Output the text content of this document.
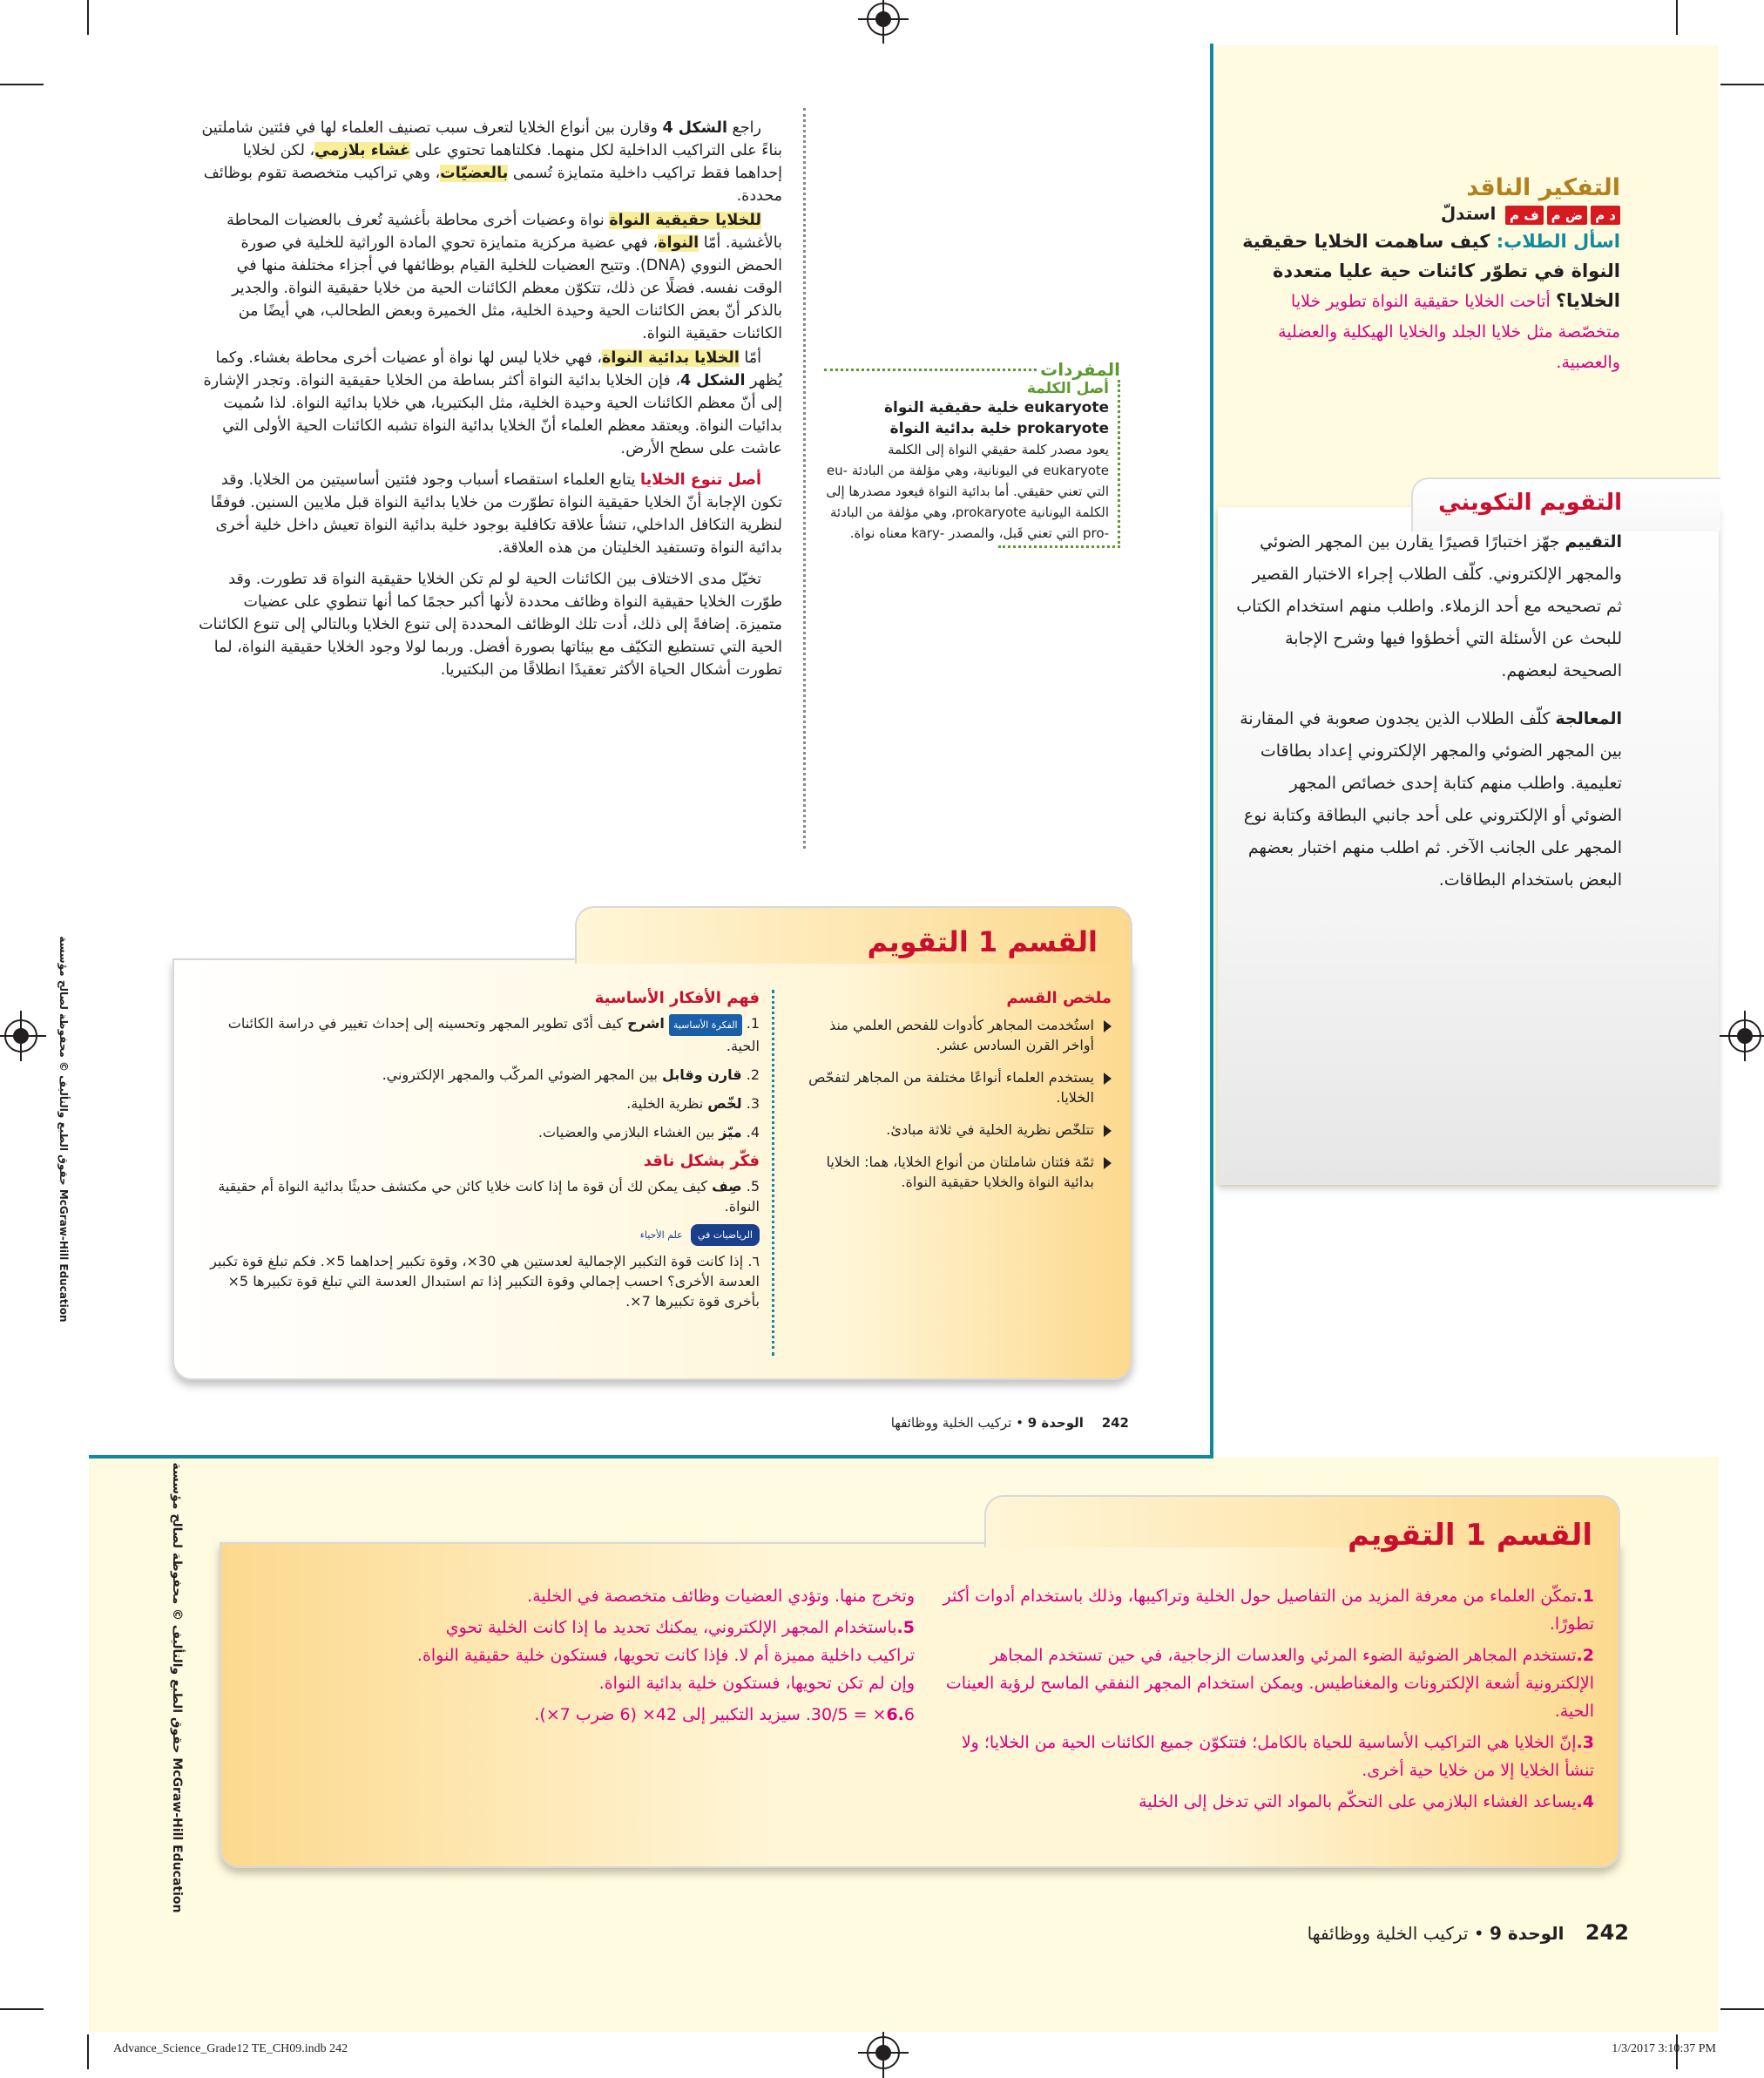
راجع الشكل 4 وقارن بين أنواع الخلايا لتعرف سبب تصنيف العلماء لها في فئتين شاملتين بناءً على التراكيب الداخلية لكل منهما. فكلتاهما تحتوي على غشاء بلازمي، لكن لخلايا إحداهما فقط تراكيب داخلية متمايزة تُسمى بالعضيّات، وهي تراكيب متخصصة تقوم بوظائف محددة.

للخلايا حقيقية النواة نواة وعضيات أخرى محاطة بأغشية تُعرف بالعضيات المحاطة بالأغشية. أمّا النواة، فهي عضية مركزية متمايزة تحوي المادة الوراثية للخلية في صورة الحمض النووي (DNA). وتتيح العضيات للخلية القيام بوظائفها في أجزاء مختلفة منها في الوقت نفسه. فضلًا عن ذلك، تتكوّن معظم الكائنات الحية من خلايا حقيقية النواة. والجدير بالذكر أنّ بعض الكائنات الحية وحيدة الخلية، مثل الخميرة وبعض الطحالب، هي أيضًا من الكائنات حقيقية النواة.

أمّا الخلايا بدائية النواة، فهي خلايا ليس لها نواة أو عضيات أخرى محاطة بغشاء. وكما يُظهر الشكل 4، فإن الخلايا بدائية النواة أكثر بساطة من الخلايا حقيقية النواة. وتجدر الإشارة إلى أنّ معظم الكائنات الحية وحيدة الخلية، مثل البكتيريا، هي خلايا بدائية النواة. لذا سُميت بدائيات النواة. ويعتقد معظم العلماء أنّ الخلايا بدائية النواة تشبه الكائنات الحية الأولى التي عاشت على سطح الأرض.

أصل تنوع الخلايا يتابع العلماء استقصاء أسباب وجود فئتين أساسيتين من الخلايا. وقد تكون الإجابة أنّ الخلايا حقيقية النواة تطوّرت من خلايا بدائية النواة قبل ملايين السنين. فوفقًا لنظرية التكافل الداخلي، تنشأ علاقة تكافلية بوجود خلية بدائية النواة تعيش داخل خلية أخرى بدائية النواة وتستفيد الخليتان من هذه العلاقة.

تخيّل مدى الاختلاف بين الكائنات الحية لو لم تكن الخلايا حقيقية النواة قد تطورت. وقد طوّرت الخلايا حقيقية النواة وظائف محددة لأنها أكبر حجمًا كما أنها تنطوي على عضيات متميزة. إضافةً إلى ذلك، أدت تلك الوظائف المحددة إلى تنوع الخلايا وبالتالي إلى تنوع الكائنات الحية التي تستطيع التكيّف مع بيئاتها بصورة أفضل. وربما لولا وجود الخلايا حقيقية النواة، لما تطورت أشكال الحياة الأكثر تعقيدًا انطلاقًا من البكتيريا.

المفردات
أصل الكلمة
eukaryote خلية حقيقية النواة
prokaryote خلية بدائية النواة
يعود مصدر كلمة حقيقي النواة إلى الكلمة eukaryote في اليونانية، وهي مؤلفة من البادئة -eu التي تعني حقيقي. أما بدائية النواة فيعود مصدرها إلى الكلمة اليونانية prokaryote، وهي مؤلفة من البادئة -pro التي تعني قَبل، والمصدر -kary معناه نواة.
القسم 1 التقويم
ملخص القسم
استُخدمت المجاهر كأدوات للفحص العلمي منذ أواخر القرن السادس عشر.
يستخدم العلماء أنواعًا مختلفة من المجاهر لتفحّص الخلايا.
تتلخّص نظرية الخلية في ثلاثة مبادئ.
ثمّة فئتان شاملتان من أنواع الخلايا، هما: الخلايا بدائية النواة والخلايا حقيقية النواة.
فهم الأفكار الأساسية
1. الفكرة الأساسية اشرح كيف أدّى تطوير المجهر وتحسينه إلى إحداث تغيير في دراسة الكائنات الحية.
2. قارن وقابل بين المجهر الضوئي المركّب والمجهر الإلكتروني.
3. لخّص نظرية الخلية.
4. ميّز بين الغشاء البلازمي والعضيات.
فكّر بشكل ناقد
5. صِف كيف يمكن لك أن قوة ما إذا كانت خلايا كائن حي مكتشف حديثًا بدائية النواة أم حقيقية النواة.
الرياضيات في علم الأحياء
٦. إذا كانت قوة التكبير الإجمالية لعدستين هي 30×، وقوة تكبير إحداهما 5×. فكم تبلغ قوة تكبير العدسة الأخرى؟ احسب إجمالي وقوة التكبير إذا تم استبدال العدسة التي تبلغ قوة تكبيرها 5× بأخرى قوة تكبيرها 7×.
242 الوحدة 9 • تركيب الخلية ووظائفها
McGraw-Hill Education حقوق الطبع والتأليف © محفوظة لصالح مؤسسة
التفكير الناقد
د مض مف م استدلّ

اسأل الطلاب: كيف ساهمت الخلايا حقيقية النواة في تطوّر كائنات حية عليا متعددة الخلايا؟ أتاحت الخلايا حقيقية النواة تطوير خلايا متخصّصة مثل خلايا الجلد والخلايا الهيكلية والعضلية والعصبية.

التقويم التكويني

التقييم جهّز اختبارًا قصيرًا يقارن بين المجهر الضوئي والمجهر الإلكتروني. كلّف الطلاب إجراء الاختبار القصير ثم تصحيحه مع أحد الزملاء. واطلب منهم استخدام الكتاب للبحث عن الأسئلة التي أخطؤوا فيها وشرح الإجابة الصحيحة لبعضهم.

المعالجة كلّف الطلاب الذين يجدون صعوبة في المقارنة بين المجهر الضوئي والمجهر الإلكتروني إعداد بطاقات تعليمية. واطلب منهم كتابة إحدى خصائص المجهر الضوئي أو الإلكتروني على أحد جانبي البطاقة وكتابة نوع المجهر على الجانب الآخر. ثم اطلب منهم اختبار بعضهم البعض باستخدام البطاقات.

القسم 1 التقويم
1.تمكّن العلماء من معرفة المزيد من التفاصيل حول الخلية وتراكيبها، وذلك باستخدام أدوات أكثر تطورًا.
2.تستخدم المجاهر الضوئية الضوء المرئي والعدسات الزجاجية، في حين تستخدم المجاهر الإلكترونية أشعة الإلكترونات والمغناطيس. ويمكن استخدام المجهر النفقي الماسح لرؤية العينات الحية.
3.إنّ الخلايا هي التراكيب الأساسية للحياة بالكامل؛ فتتكوّن جميع الكائنات الحية من الخلايا؛ ولا تنشأ الخلايا إلا من خلايا حية أخرى.
4.يساعد الغشاء البلازمي على التحكّم بالمواد التي تدخل إلى الخلية
وتخرج منها. وتؤدي العضيات وظائف متخصصة في الخلية.
5.باستخدام المجهر الإلكتروني، يمكنك تحديد ما إذا كانت الخلية تحوي تراكيب داخلية مميزة أم لا. فإذا كانت تحويها، فستكون خلية حقيقية النواة. وإن لم تكن تحويها، فستكون خلية بدائية النواة.
6.6× = 30/5. سيزيد التكبير إلى 42× (6 ضرب 7×).
242 الوحدة 9 • تركيب الخلية ووظائفها
McGraw-Hill Education حقوق الطبع والتأليف © محفوظة لصالح مؤسسة
Advance_Science_Grade12 TE_CH09.indb 242	1/3/2017 3:10:37 PM
